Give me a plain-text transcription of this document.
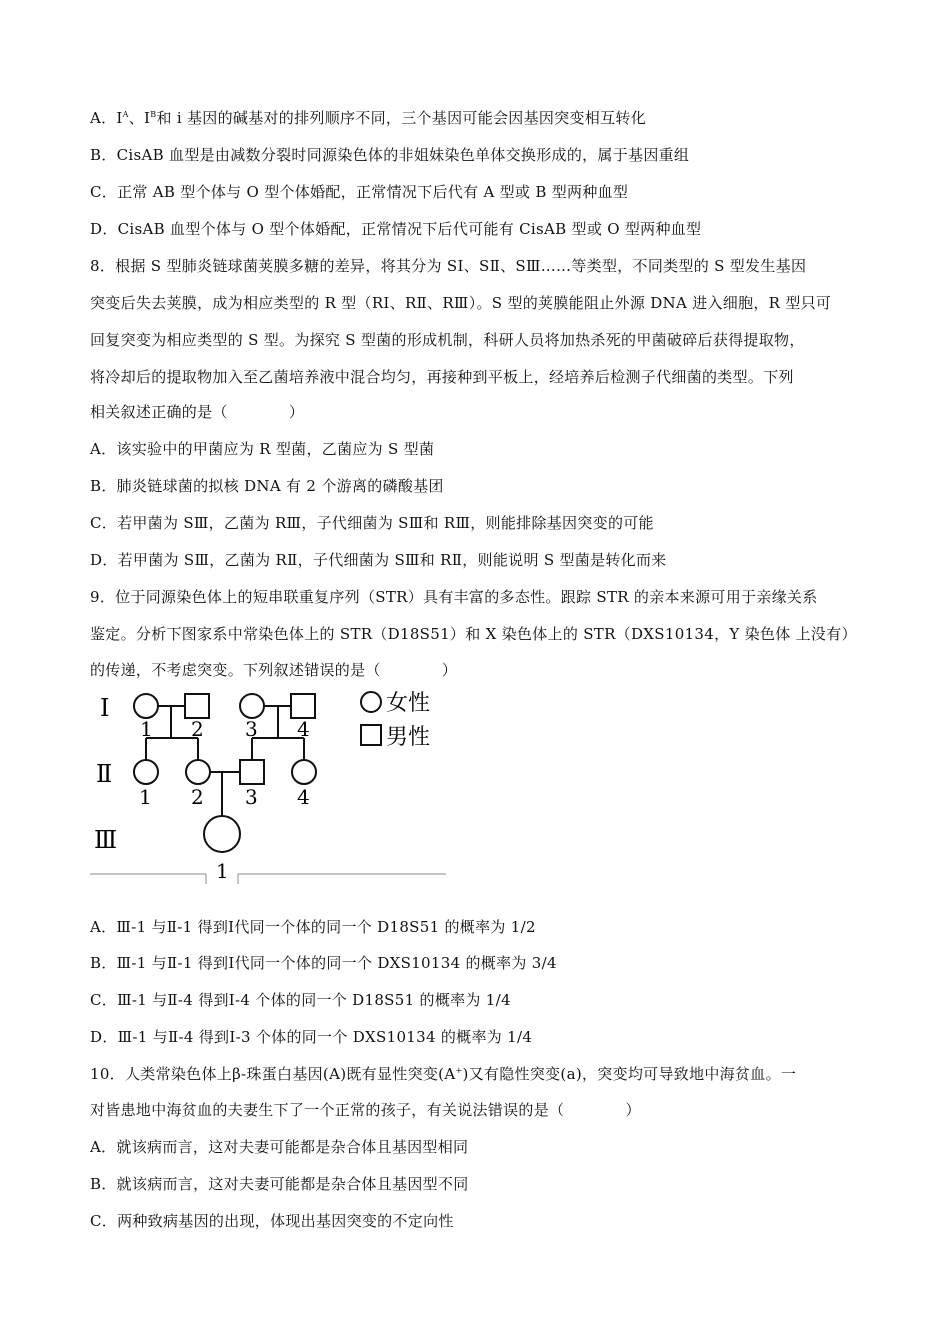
A．$I^A$、$I^B$和 i 基因的碱基对的排列顺序不同，三个基因可能会因基因突变相互转化
B．CisAB 血型是由减数分裂时同源染色体的非姐妹染色单体交换形成的，属于基因重组
C．正常 AB 型个体与 O 型个体婚配，正常情况下后代有 A 型或 B 型两种血型
D．CisAB 血型个体与 O 型个体婚配，正常情况下后代可能有 CisAB 型或 O 型两种血型
8．根据 S 型肺炎链球菌荚膜多糖的差异，将其分为 SⅠ、SⅡ、SⅢ……等类型，不同类型的 S 型发生基因
突变后失去荚膜，成为相应类型的 R 型（RⅠ、RⅡ、RⅢ）。S 型的荚膜能阻止外源 DNA 进入细胞，R 型只可
回复突变为相应类型的 S 型。为探究 S 型菌的形成机制，科研人员将加热杀死的甲菌破碎后获得提取物，
将冷却后的提取物加入至乙菌培养液中混合均匀，再接种到平板上，经培养后检测子代细菌的类型。下列
相关叙述正确的是（　　　　）
A．该实验中的甲菌应为 R 型菌，乙菌应为 S 型菌
B．肺炎链球菌的拟核 DNA 有 2 个游离的磷酸基团
C．若甲菌为 SⅢ，乙菌为 RⅢ，子代细菌为 SⅢ和 RⅢ，则能排除基因突变的可能
D．若甲菌为 SⅢ，乙菌为 RⅡ，子代细菌为 SⅢ和 RⅡ，则能说明 S 型菌是转化而来
9．位于同源染色体上的短串联重复序列（STR）具有丰富的多态性。跟踪 STR 的亲本来源可用于亲缘关系
鉴定。分析下图家系中常染色体上的 STR（D18S51）和 X 染色体上的 STR（DXS10134，Y 染色体 上没有）
的传递，不考虑突变。下列叙述错误的是（　　　　）
Ⅰ
Ⅱ
Ⅲ
1 2 3 4
1 2 3 4
1
女性
男性
A．Ⅲ-1 与Ⅱ-1 得到Ⅰ代同一个体的同一个 D18S51 的概率为 1/2
B．Ⅲ-1 与Ⅱ-1 得到Ⅰ代同一个体的同一个 DXS10134 的概率为 3/4
C．Ⅲ-1 与Ⅱ-4 得到Ⅰ-4 个体的同一个 D18S51 的概率为 1/4
D．Ⅲ-1 与Ⅱ-4 得到Ⅰ-3 个体的同一个 DXS10134 的概率为 1/4
10．人类常染色体上β-珠蛋白基因(A)既有显性突变(A+)又有隐性突变(a)，突变均可导致地中海贫血。一
对皆患地中海贫血的夫妻生下了一个正常的孩子，有关说法错误的是（　　　　）
A．就该病而言，这对夫妻可能都是杂合体且基因型相同
B．就该病而言，这对夫妻可能都是杂合体且基因型不同
C．两种致病基因的出现，体现出基因突变的不定向性
